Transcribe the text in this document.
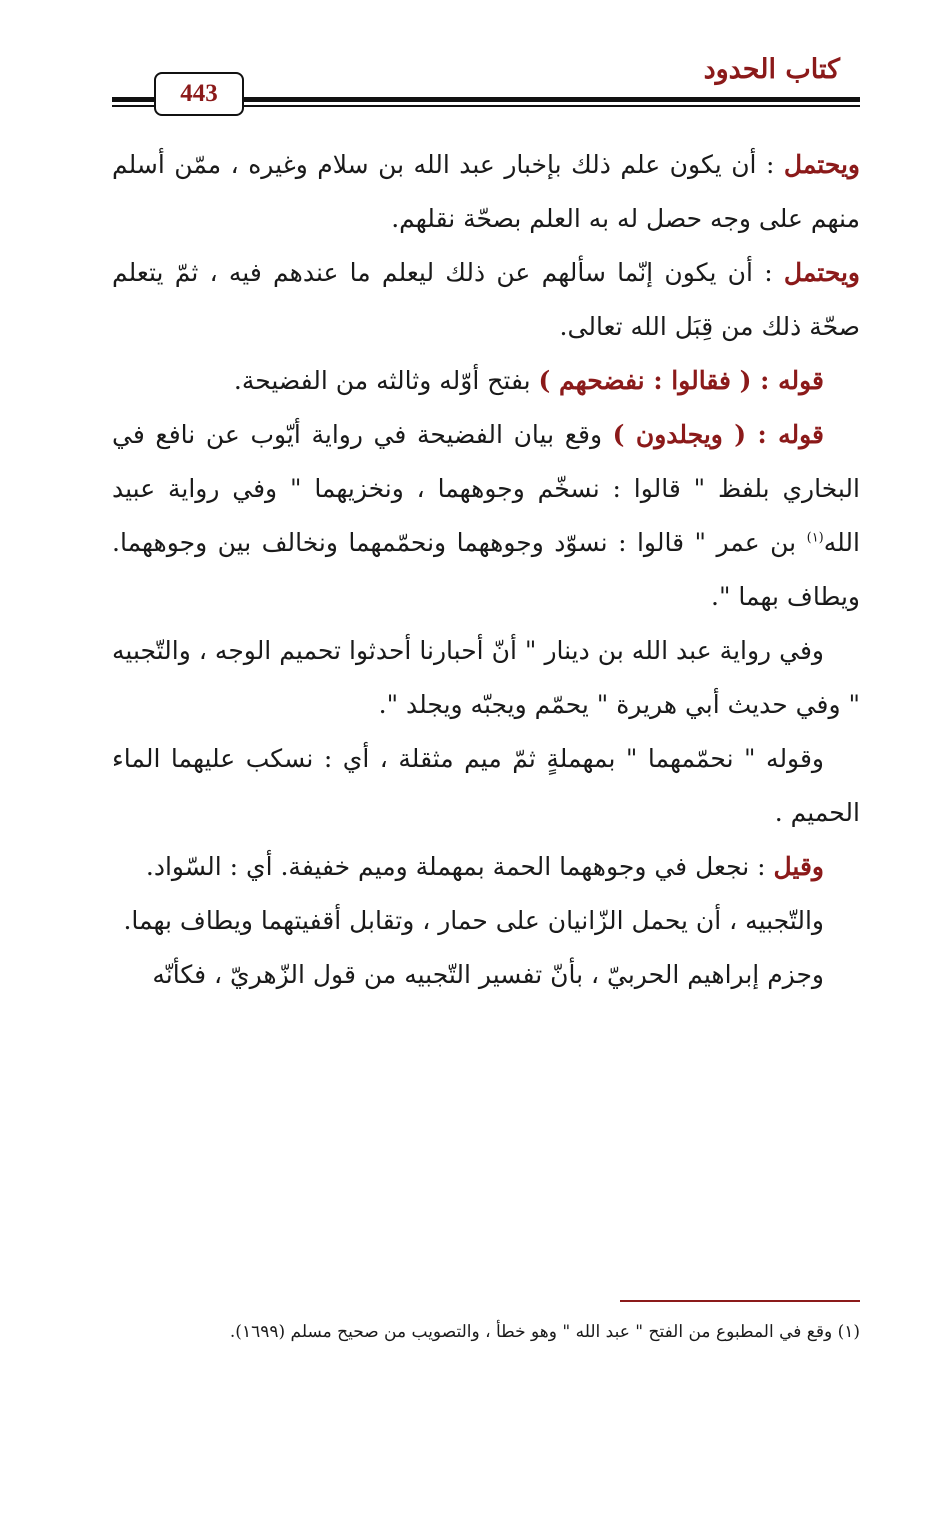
كتاب الحدود
443

ويحتمل : أن يكون علم ذلك بإخبار عبد الله بن سلام وغيره ، ممّن أسلم منهم على وجه حصل له به العلم بصحّة نقلهم.

ويحتمل : أن يكون إنّما سألهم عن ذلك ليعلم ما عندهم فيه ، ثمّ يتعلم صحّة ذلك من قِبَل الله تعالى.

قوله : ( فقالوا : نفضحهم ) بفتح أوّله وثالثه من الفضيحة.

قوله : ( ويجلدون ) وقع بيان الفضيحة في رواية أيّوب عن نافع في البخاري بلفظ " قالوا : نسخّم وجوههما ، ونخزيهما " وفي رواية عبيد الله$^{(١)}$ بن عمر " قالوا : نسوّد وجوههما ونحمّمهما ونخالف بين وجوههما. ويطاف بهما ".

وفي رواية عبد الله بن دينار " أنّ أحبارنا أحدثوا تحميم الوجه ، والتّجبيه " وفي حديث أبي هريرة " يحمّم ويجبّه ويجلد ".

وقوله " نحمّمهما " بمهملةٍ ثمّ ميم مثقلة ، أي : نسكب عليهما الماء الحميم .

وقيل : نجعل في وجوههما الحمة بمهملة وميم خفيفة. أي : السّواد.

والتّجبيه ، أن يحمل الزّانيان على حمار ، وتقابل أقفيتهما ويطاف بهما.

وجزم إبراهيم الحربيّ ، بأنّ تفسير التّجبيه من قول الزّهريّ ، فكأنّه

(١) وقع في المطبوع من الفتح " عبد الله " وهو خطأ ، والتصويب من صحيح مسلم (١٦٩٩).
